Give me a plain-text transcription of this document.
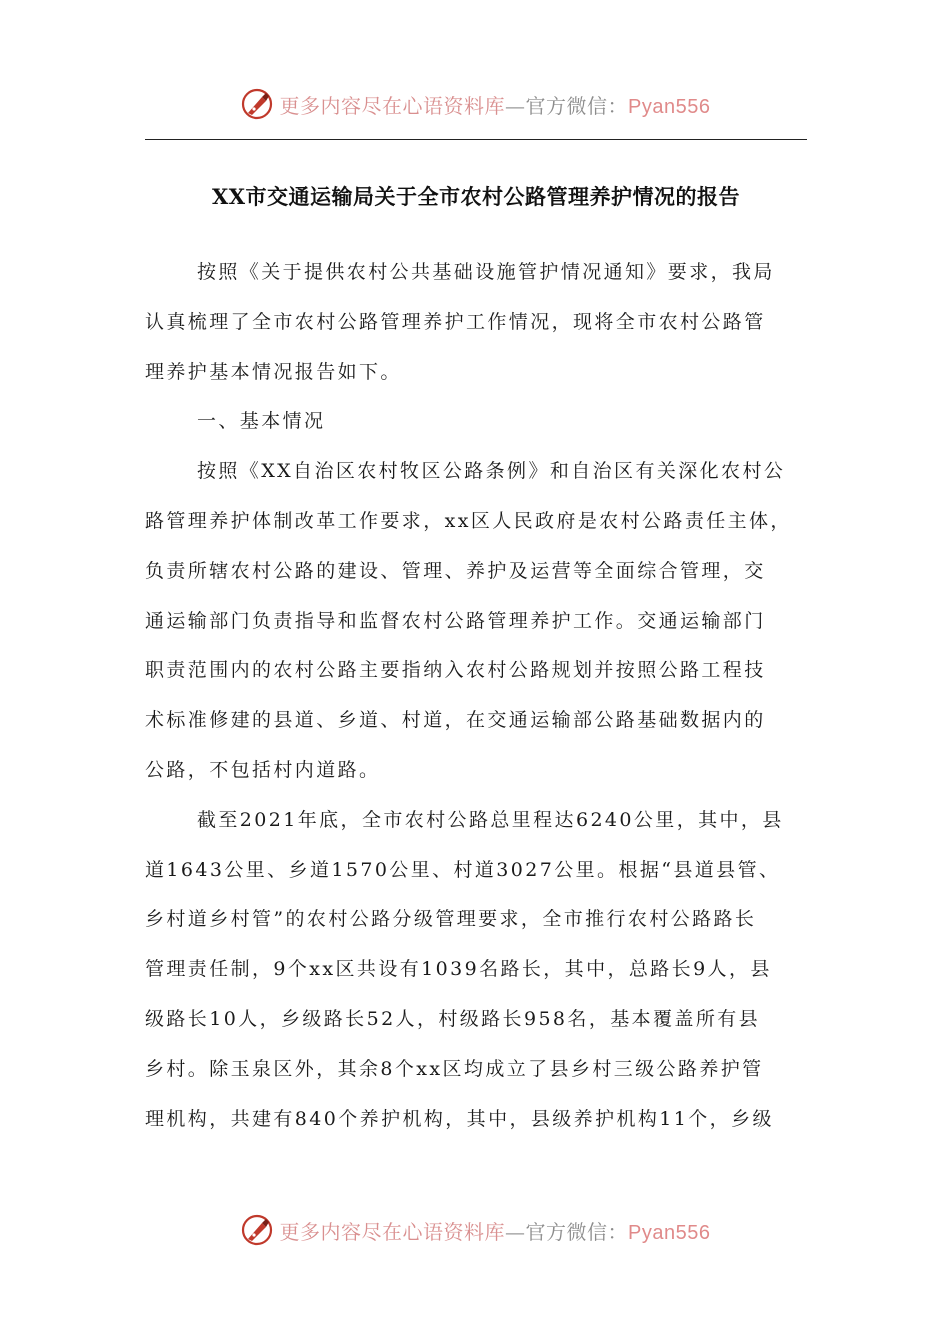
更多内容尽在心语资料库—官方微信：Pyan556
XX市交通运输局关于全市农村公路管理养护情况的报告
按照《关于提供农村公共基础设施管护情况通知》要求，我局
认真梳理了全市农村公路管理养护工作情况，现将全市农村公路管
理养护基本情况报告如下。
一、基本情况
按照《XX自治区农村牧区公路条例》和自治区有关深化农村公
路管理养护体制改革工作要求，xx区人民政府是农村公路责任主体，
负责所辖农村公路的建设、管理、养护及运营等全面综合管理，交
通运输部门负责指导和监督农村公路管理养护工作。交通运输部门
职责范围内的农村公路主要指纳入农村公路规划并按照公路工程技
术标准修建的县道、乡道、村道，在交通运输部公路基础数据内的
公路，不包括村内道路。
截至2021年底，全市农村公路总里程达6240公里，其中，县
道1643公里、乡道1570公里、村道3027公里。根据“县道县管、
乡村道乡村管”的农村公路分级管理要求，全市推行农村公路路长
管理责任制，9个xx区共设有1039名路长，其中，总路长9人，县
级路长10人，乡级路长52人，村级路长958名，基本覆盖所有县
乡村。除玉泉区外，其余8个xx区均成立了县乡村三级公路养护管
理机构，共建有840个养护机构，其中，县级养护机构11个，乡级
更多内容尽在心语资料库—官方微信：Pyan556
